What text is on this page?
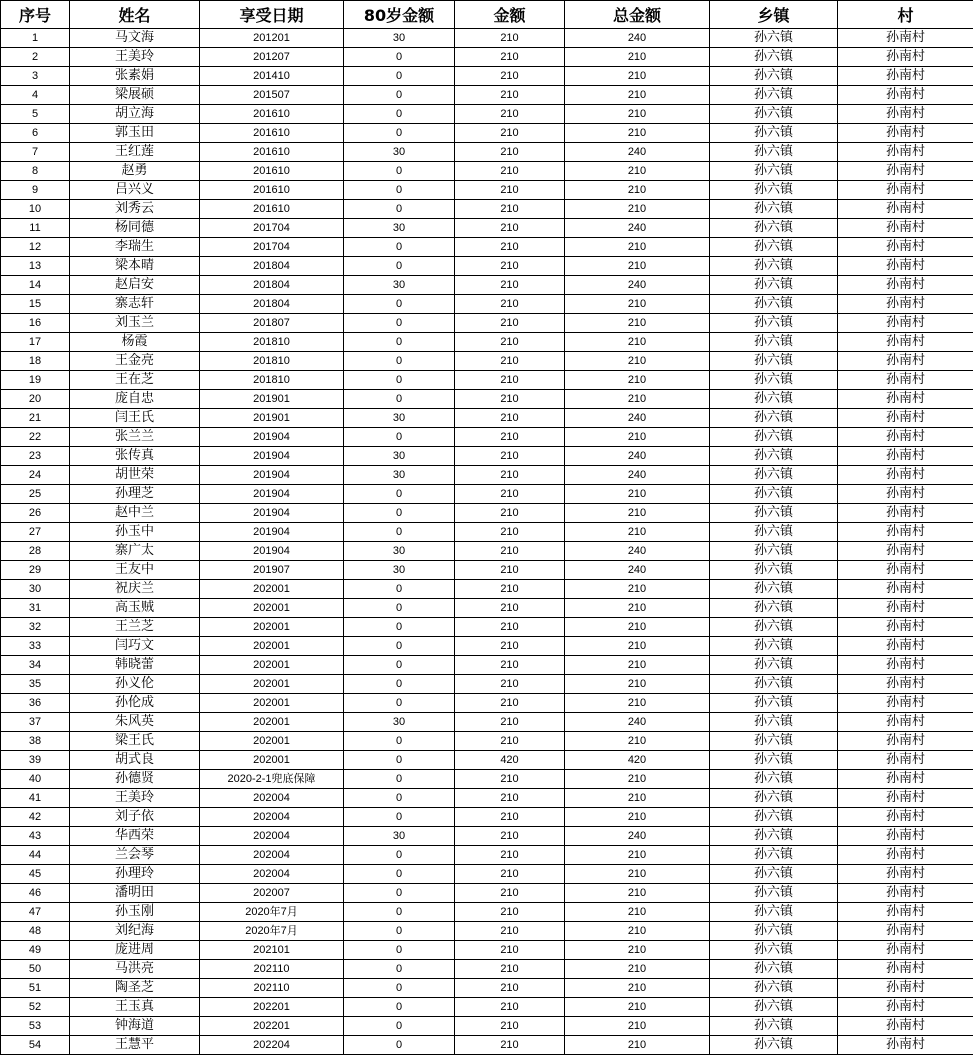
序号	姓名	享受日期	80岁金额	金额	总金额	乡镇	村
1	马文海	201201	30	210	240	孙六镇	孙南村
2	王美玲	201207	0	210	210	孙六镇	孙南村
3	张素娟	201410	0	210	210	孙六镇	孙南村
4	梁展硕	201507	0	210	210	孙六镇	孙南村
5	胡立海	201610	0	210	210	孙六镇	孙南村
6	郭玉田	201610	0	210	210	孙六镇	孙南村
7	王红莲	201610	30	210	240	孙六镇	孙南村
8	赵勇	201610	0	210	210	孙六镇	孙南村
9	吕兴义	201610	0	210	210	孙六镇	孙南村
10	刘秀云	201610	0	210	210	孙六镇	孙南村
11	杨同德	201704	30	210	240	孙六镇	孙南村
12	李瑞生	201704	0	210	210	孙六镇	孙南村
13	梁本晴	201804	0	210	210	孙六镇	孙南村
14	赵启安	201804	30	210	240	孙六镇	孙南村
15	寨志轩	201804	0	210	210	孙六镇	孙南村
16	刘玉兰	201807	0	210	210	孙六镇	孙南村
17	杨霞	201810	0	210	210	孙六镇	孙南村
18	王金亮	201810	0	210	210	孙六镇	孙南村
19	王在芝	201810	0	210	210	孙六镇	孙南村
20	庞自忠	201901	0	210	210	孙六镇	孙南村
21	闫王氏	201901	30	210	240	孙六镇	孙南村
22	张兰兰	201904	0	210	210	孙六镇	孙南村
23	张传真	201904	30	210	240	孙六镇	孙南村
24	胡世荣	201904	30	210	240	孙六镇	孙南村
25	孙理芝	201904	0	210	210	孙六镇	孙南村
26	赵中兰	201904	0	210	210	孙六镇	孙南村
27	孙玉中	201904	0	210	210	孙六镇	孙南村
28	寨广太	201904	30	210	240	孙六镇	孙南村
29	王友中	201907	30	210	240	孙六镇	孙南村
30	祝庆兰	202001	0	210	210	孙六镇	孙南村
31	高玉贼	202001	0	210	210	孙六镇	孙南村
32	王兰芝	202001	0	210	210	孙六镇	孙南村
33	闫巧文	202001	0	210	210	孙六镇	孙南村
34	韩晓蕾	202001	0	210	210	孙六镇	孙南村
35	孙义伦	202001	0	210	210	孙六镇	孙南村
36	孙伦成	202001	0	210	210	孙六镇	孙南村
37	朱风英	202001	30	210	240	孙六镇	孙南村
38	梁王氏	202001	0	210	210	孙六镇	孙南村
39	胡式良	202001	0	420	420	孙六镇	孙南村
40	孙德贤	2020-2-1兜底保障	0	210	210	孙六镇	孙南村
41	王美玲	202004	0	210	210	孙六镇	孙南村
42	刘子依	202004	0	210	210	孙六镇	孙南村
43	华西荣	202004	30	210	240	孙六镇	孙南村
44	兰会琴	202004	0	210	210	孙六镇	孙南村
45	孙理玲	202004	0	210	210	孙六镇	孙南村
46	潘明田	202007	0	210	210	孙六镇	孙南村
47	孙玉刚	2020年7月	0	210	210	孙六镇	孙南村
48	刘纪海	2020年7月	0	210	210	孙六镇	孙南村
49	庞进周	202101	0	210	210	孙六镇	孙南村
50	马洪亮	202110	0	210	210	孙六镇	孙南村
51	陶圣芝	202110	0	210	210	孙六镇	孙南村
52	王玉真	202201	0	210	210	孙六镇	孙南村
53	钟海道	202201	0	210	210	孙六镇	孙南村
54	王慧平	202204	0	210	210	孙六镇	孙南村
